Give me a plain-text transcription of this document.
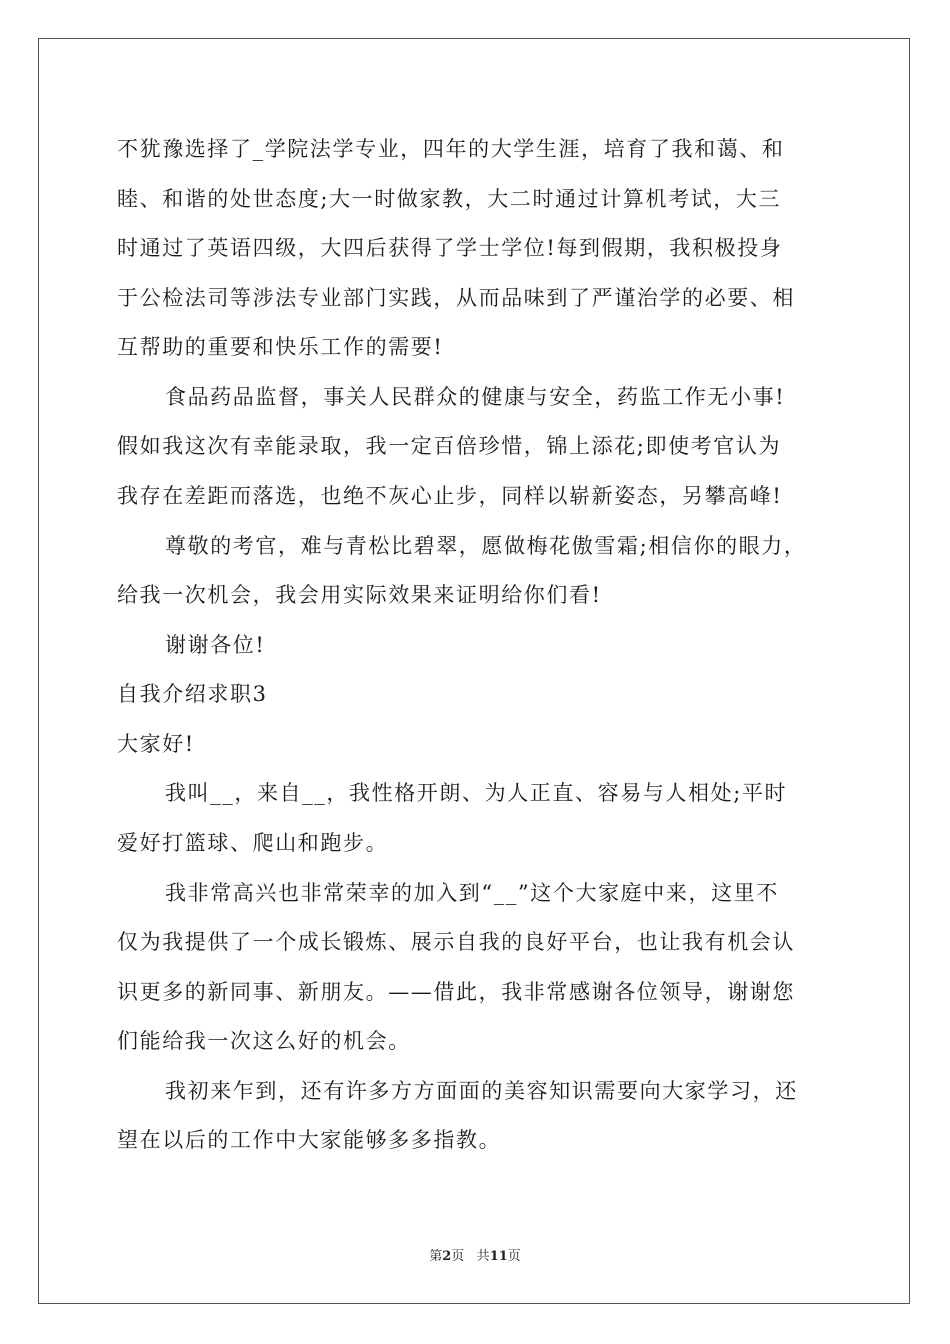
不犹豫选择了_学院法学专业，四年的大学生涯，培育了我和蔼、和
睦、和谐的处世态度;大一时做家教，大二时通过计算机考试，大三
时通过了英语四级，大四后获得了学士学位!每到假期，我积极投身
于公检法司等涉法专业部门实践，从而品味到了严谨治学的必要、相
互帮助的重要和快乐工作的需要!
食品药品监督，事关人民群众的健康与安全，药监工作无小事!
假如我这次有幸能录取，我一定百倍珍惜，锦上添花;即使考官认为
我存在差距而落选，也绝不灰心止步，同样以崭新姿态，另攀高峰!
尊敬的考官，难与青松比碧翠，愿做梅花傲雪霜;相信你的眼力，
给我一次机会，我会用实际效果来证明给你们看!
谢谢各位!
自我介绍求职3
大家好!
我叫__，来自__，我性格开朗、为人正直、容易与人相处;平时
爱好打篮球、爬山和跑步。
我非常高兴也非常荣幸的加入到“__”这个大家庭中来，这里不
仅为我提供了一个成长锻炼、展示自我的良好平台，也让我有机会认
识更多的新同事、新朋友。——借此，我非常感谢各位领导，谢谢您
们能给我一次这么好的机会。
我初来乍到，还有许多方方面面的美容知识需要向大家学习，还
望在以后的工作中大家能够多多指教。
第2页 共11页
